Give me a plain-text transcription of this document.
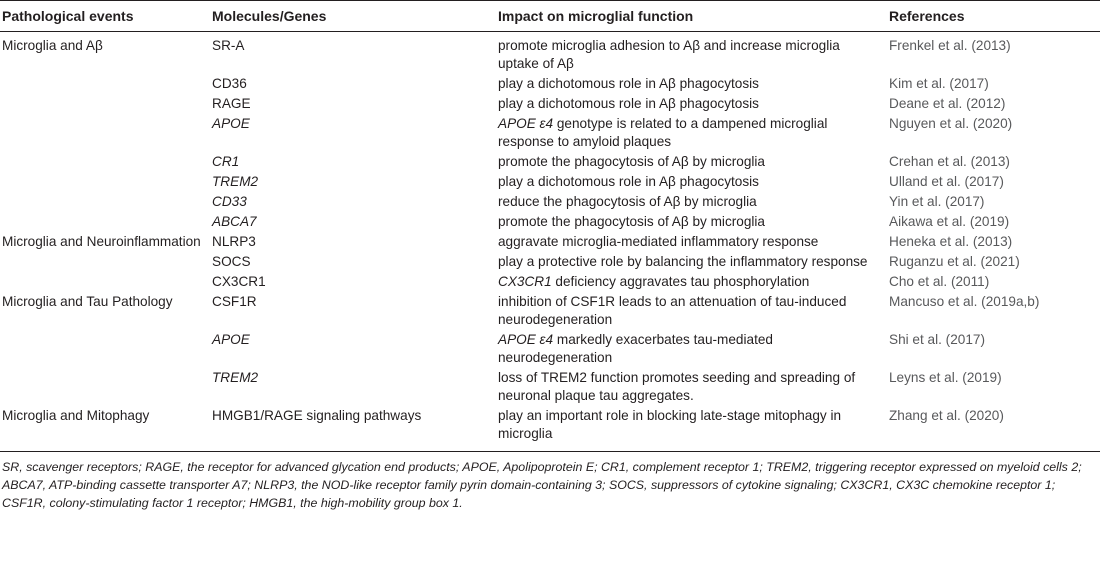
Pathological events	Molecules/Genes	Impact on microglial function	References
Microglia and Aβ	SR-A	promote microglia adhesion to Aβ and increase microglia uptake of Aβ	Frenkel et al. (2013)
	CD36	play a dichotomous role in Aβ phagocytosis	Kim et al. (2017)
	RAGE	play a dichotomous role in Aβ phagocytosis	Deane et al. (2012)
	APOE	APOE ε4 genotype is related to a dampened microglial response to amyloid plaques	Nguyen et al. (2020)
	CR1	promote the phagocytosis of Aβ by microglia	Crehan et al. (2013)
	TREM2	play a dichotomous role in Aβ phagocytosis	Ulland et al. (2017)
	CD33	reduce the phagocytosis of Aβ by microglia	Yin et al. (2017)
	ABCA7	promote the phagocytosis of Aβ by microglia	Aikawa et al. (2019)
Microglia and Neuroinflammation	NLRP3	aggravate microglia-mediated inflammatory response	Heneka et al. (2013)
	SOCS	play a protective role by balancing the inflammatory response	Ruganzu et al. (2021)
	CX3CR1	CX3CR1 deficiency aggravates tau phosphorylation	Cho et al. (2011)
Microglia and Tau Pathology	CSF1R	inhibition of CSF1R leads to an attenuation of tau-induced neurodegeneration	Mancuso et al. (2019a,b)
	APOE	APOE ε4 markedly exacerbates tau-mediated neurodegeneration	Shi et al. (2017)
	TREM2	loss of TREM2 function promotes seeding and spreading of neuronal plaque tau aggregates.	Leyns et al. (2019)
Microglia and Mitophagy	HMGB1/RAGE signaling pathways	play an important role in blocking late-stage mitophagy in microglia	Zhang et al. (2020)
SR, scavenger receptors; RAGE, the receptor for advanced glycation end products; APOE, Apolipoprotein E; CR1, complement receptor 1; TREM2, triggering receptor expressed on myeloid cells 2; ABCA7, ATP-binding cassette transporter A7; NLRP3, the NOD-like receptor family pyrin domain-containing 3; SOCS, suppressors of cytokine signaling; CX3CR1, CX3C chemokine receptor 1; CSF1R, colony-stimulating factor 1 receptor; HMGB1, the high-mobility group box 1.
